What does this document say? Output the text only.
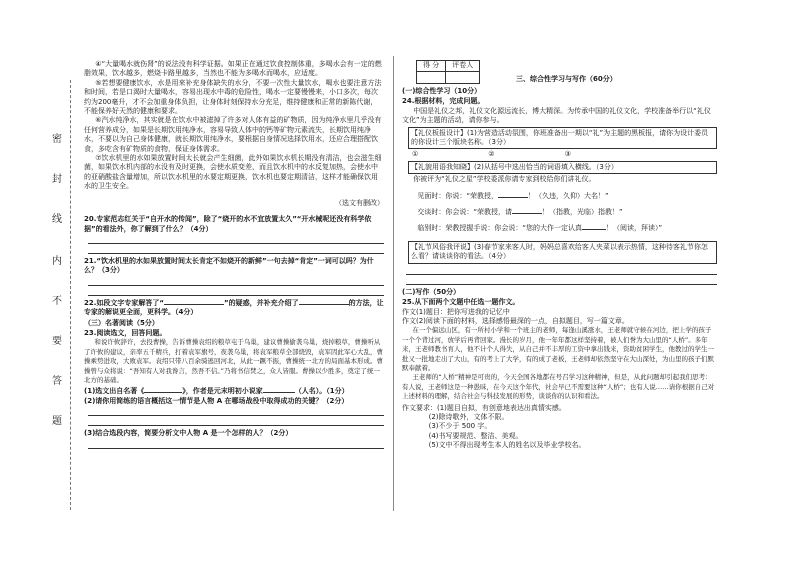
密
封
线
内
不
要
答
题

④“大量喝水就伤肾”的说法没有科学证据。如果正在通过饮食控制体重，多喝水会有一定的燃脂效果，饮水越多，燃烧卡路里越多，当然也不能为多喝水而喝水，应适度。

⑤若想要健康饮水，水是用来补充身体缺失的水分，不要一次性大量饮水，喝水也要注意方法和时间，若是口渴时大量喝水，容易出现水中毒的危险性，喝水一定要慢慢来，小口多次，每次约为200毫升，才不会加重身体负担，让身体时刻保持水分充足，维持健康和正常的新陈代谢，不能保养好天然的健康和要求。

⑥汽水纯净水，其实就是在饮水中被滤掉了许多对人体有益的矿物质，因为纯净水里几乎没有任何营养成分，如果是长期饮用纯净水，容易导致人体中的钙等矿物元素流失，长期饮用纯净水，不要以为自己身体健康，就长期饮用纯净水，要根据自身情况选择饮用水，还应合理搭配饮食，多吃含有矿物质的食物，保证身体需求。

⑦饮水机里的水如果放置时间太长就会产生细菌，此外如果饮水机长期没有清洁，也会滋生细菌，如果饮水机内部的水没有及时更换，会使水质变差，而且饮水机中的水反复加热，会使水中的亚硝酸盐含量增加，所以饮水机里的水要定期更换，饮水机也要定期清洁，这样才能确保饮用水的卫生安全。

（选文有删改）

20.专家范志红关于“自开水的传闻”，除了“烧开的水不宜放置太久”“开水械呢还没有科学依据”的看法外，你了解到了什么？（4分）

21.“饮水机里的水如果放置时间太长肯定不如烧开的新鲜”一句去掉“肯定”一词可以吗？为什么？（3分）

22.如段文字专家解答了“	”的疑惑，并补充介绍了	的方法，让专家的解说更全面，更科学。（4分）

（三）名著阅读（5分）

23.阅读选文，回答问题。

和说许攸辞许，去投曹操，告诉曹操袁绍的粮草屯于乌巢，建议曹操偷袭乌巢，烧掉粮草，曹操听从了许攸的建议，亲率五千精兵，打着袁军旗号，夜袭乌巢，将袁军粮草全部烧毁，袁军因此军心大乱，曹操乘势进攻，大败袁军。袁绍只带八百余骑逃回河北，从此一蹶不振，曹操统一北方的局面基本形成。曹操曾与众将说：“吾知有人对我谗言，然吾不信。”乃将书信焚之，众人皆服。曹操以少胜多，奠定了统一北方的基础。

(1)选文出自名著《	》，作者是元末明初小说家	（人名）。（1分）

(2)请你用简练的语言概括这一情节是人物 A 在哪场战役中取得成功的关键？（2分）

(3)结合选段内容，简要分析文中人物 A 是一个怎样的人？（2分）

得 分	评卷人

三、综合性学习与写作（60分）

(一)综合性学习（10分）

24.根据材料，完成问题。

中国是礼仪之邦，礼仪文化源远流长，博大精深。为传承中国的礼仪文化，学校准备举行以“礼仪文化”为主题的活动，请你参与。

【礼仪板报设计】(1)为营造活动氛围，你班准备出一期以“礼”为主题的黑板报，请你为设计委员的你设计三个版块名称。（3分）

①	②	③

【礼貌用语我知晓】(2)从括号中选出恰当的词语填入横线。（3分）

你被评为“礼仪之星”学校委派你请专家到校给你们讲礼仪。

见面时：你说：“荣教授，	！（久违，久仰）大名！”

交谈时：你会说：“荣教授，请	！（指教，光临）指教！”

临别时：荣教授握手说：你会说：“您的大作一定认真	！（阅读，拜读）”

【礼节风俗我评说】(3)春节家来客人时，妈妈总喜欢给客人夹菜以表示热情，这种待客礼节你怎么看？请谈谈你的看法。（4分）

(二)写作（50分）

25.从下面两个文题中任选一题作文。

作文(1)题目：把你写进我的记忆中

作文(2)阅读下面的材料，选择感悟最深的一点，自拟题目，写一篇文章。

在一个偏远山区，有一所村小学和一个班主的老师，每逢山溪涨水，王老师就守候在河边，把上学的孩子一个个背过河，放学后再背回家。漫长的岁月，他一年年都这样坚持着，被人们誉为大山里的“人桥”。多年来，王老师教书育人，他不计个人得失，从自己并不丰厚的工资中拿出钱来，资助贫困学生，他教过的学生一批又一批地走出了大山，有的考上了大学，有的成了老板，王老师却依然坚守在大山深处，为山里的孩子们默默奉献着。

王老师的“人桥”精神是可贵的，今天全国各地都在号召学习这种精神，但是，从此问题却引起我们思考：有人说，王老师这是一种愚昧，在今天这个年代，社会早已不需要这种“人桥”；也有人说……请你根据自己对上述材料的理解，结合社会与科技发展的形势，谈谈你的认识和看法。

作文要求：(1)题目自拟，有创意地表达出真情实感。

(2)除诗歌外，文体不限。

(3)不少于 500 字。

(4)书写要规范、整洁、美观。

(5)文中不得出现考生本人的姓名以及毕业学校名。
